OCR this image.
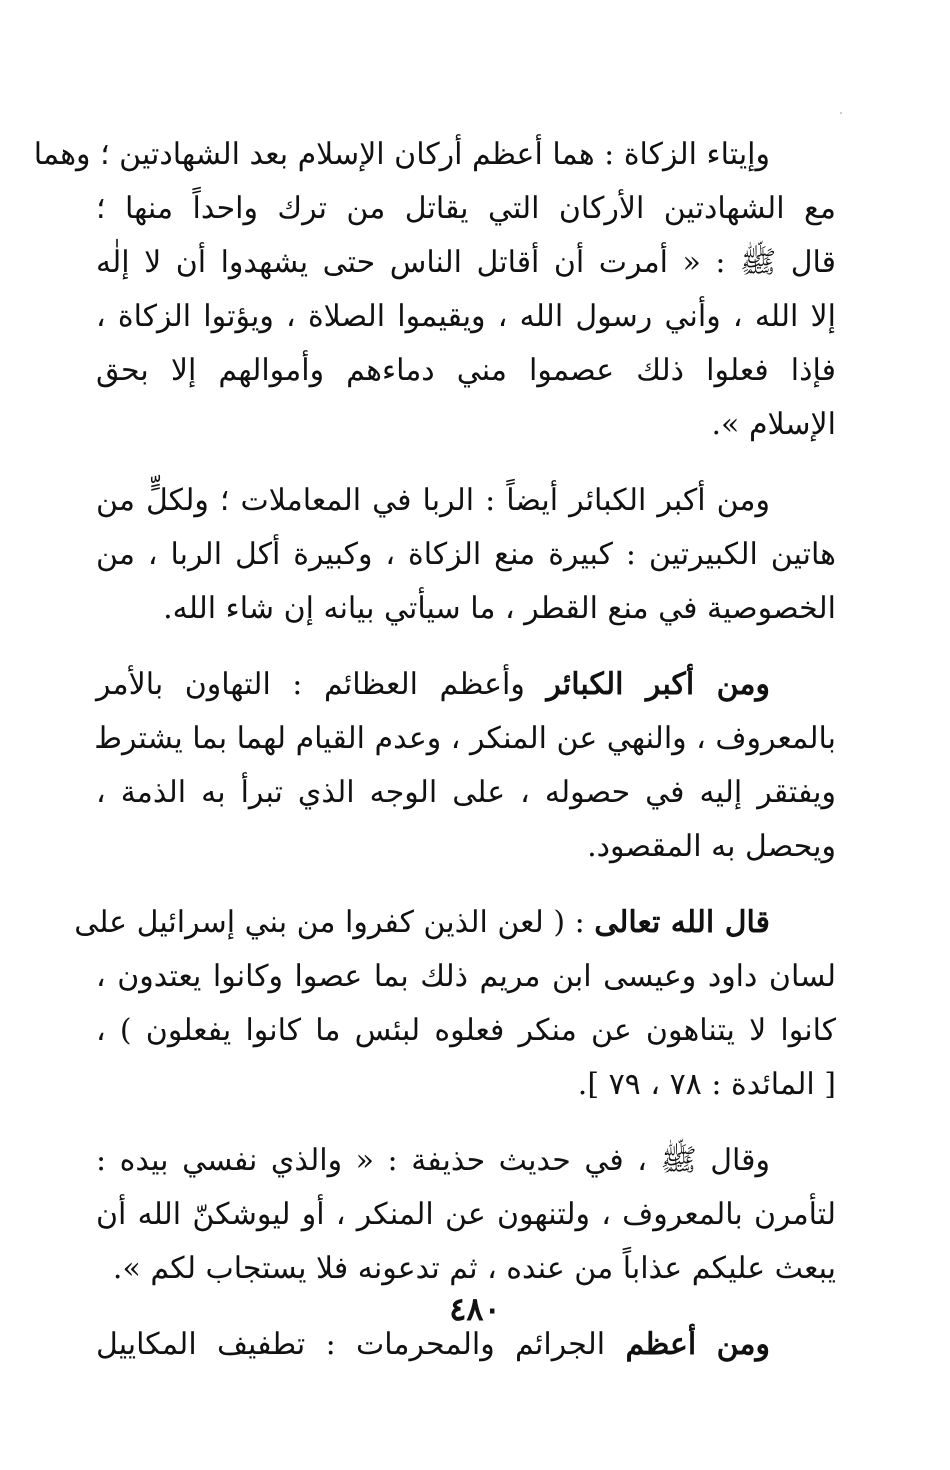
وإيتاء الزكاة : هما أعظم أركان الإسلام بعد الشهادتين ؛ وهما
مع الشهادتين الأركان التي يقاتل من ترك واحداً منها ؛
قال ﷺ : « أمرت أن أقاتل الناس حتى يشهدوا أن لا إلٰه
إلا الله ، وأني رسول الله ، ويقيموا الصلاة ، ويؤتوا الزكاة ،
فإذا فعلوا ذلك عصموا مني دماءهم وأموالهم إلا بحق
الإسلام ».

ومن أكبر الكبائر أيضاً : الربا في المعاملات ؛ ولكلٍّ من
هاتين الكبيرتين : كبيرة منع الزكاة ، وكبيرة أكل الربا ، من
الخصوصية في منع القطر ، ما سيأتي بيانه إن شاء الله.

ومن أكبر الكبائر وأعظم العظائم : التهاون بالأمر
بالمعروف ، والنهي عن المنكر ، وعدم القيام لهما بما يشترط
ويفتقر إليه في حصوله ، على الوجه الذي تبرأ به الذمة ،
ويحصل به المقصود.

قال الله تعالى : ( لعن الذين كفروا من بني إسرائيل على
لسان داود وعيسى ابن مريم ذلك بما عصوا وكانوا يعتدون ،
كانوا لا يتناهون عن منكر فعلوه لبئس ما كانوا يفعلون ) ،
[ المائدة : ٧٨ ، ٧٩ ].

وقال ﷺ ، في حديث حذيفة : « والذي نفسي بيده :
لتأمرن بالمعروف ، ولتنهون عن المنكر ، أو ليوشكنّ الله أن
يبعث عليكم عذاباً من عنده ، ثم تدعونه فلا يستجاب لكم ».

ومن أعظم الجرائم والمحرمات : تطفيف المكاييل

٤٨٠
